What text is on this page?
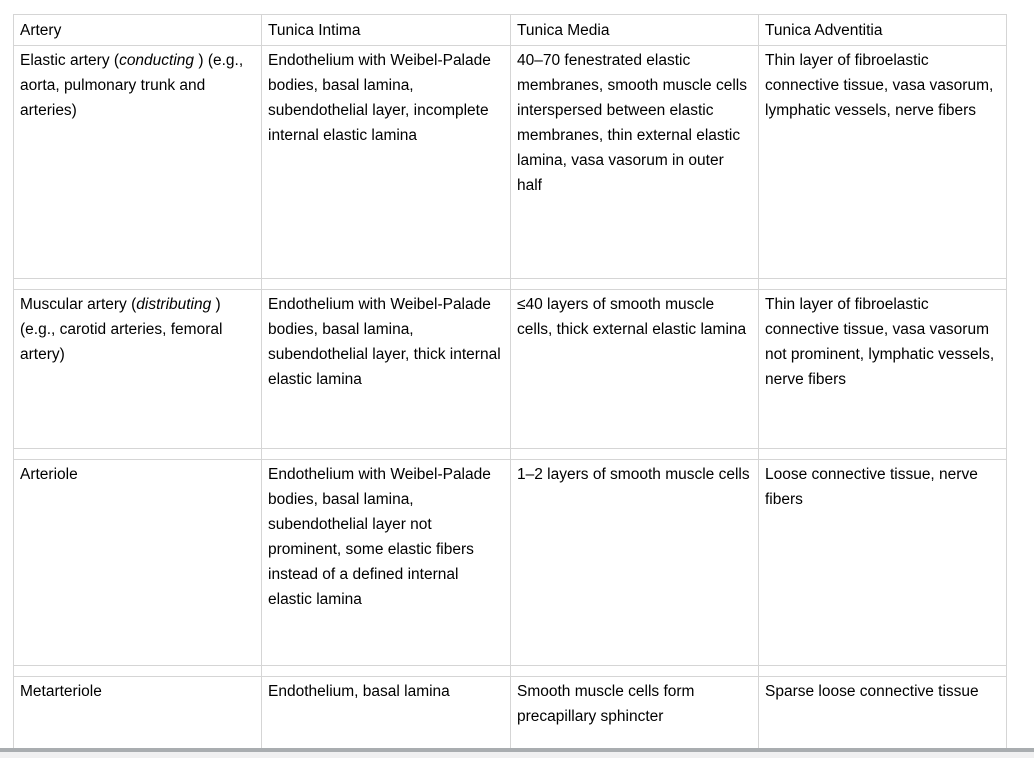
Artery	Tunica Intima	Tunica Media	Tunica Adventitia
Elastic artery (conducting ) (e.g., aorta, pulmonary trunk and arteries)	Endothelium with Weibel-Palade bodies, basal lamina, subendothelial layer, incomplete internal elastic lamina	40–70 fenestrated elastic membranes, smooth muscle cells interspersed between elastic membranes, thin external elastic lamina, vasa vasorum in outer half	Thin layer of fibroelastic connective tissue, vasa vasorum, lymphatic vessels, nerve fibers

Muscular artery (distributing ) (e.g., carotid arteries, femoral artery)	Endothelium with Weibel-Palade bodies, basal lamina, subendothelial layer, thick internal elastic lamina	≤40 layers of smooth muscle cells, thick external elastic lamina	Thin layer of fibroelastic connective tissue, vasa vasorum not prominent, lymphatic vessels, nerve fibers

Arteriole	Endothelium with Weibel-Palade bodies, basal lamina, subendothelial layer not prominent, some elastic fibers instead of a defined internal elastic lamina	1–2 layers of smooth muscle cells	Loose connective tissue, nerve fibers

Metarteriole	Endothelium, basal lamina	Smooth muscle cells form precapillary sphincter	Sparse loose connective tissue
